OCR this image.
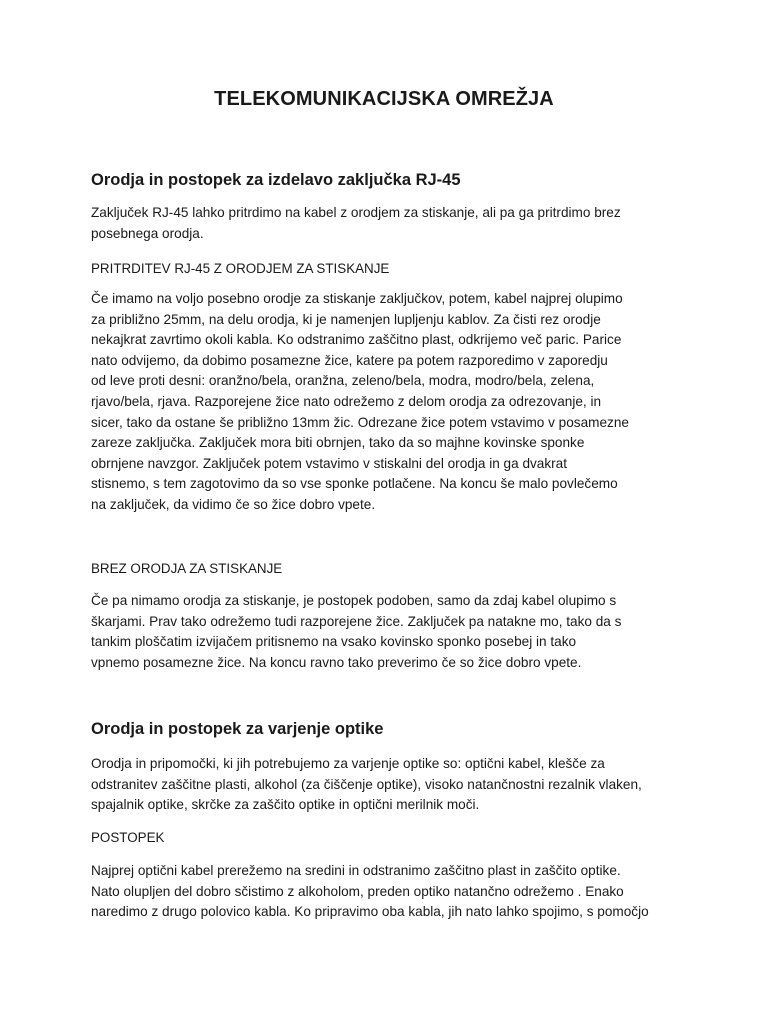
TELEKOMUNIKACIJSKA OMREŽJA
Orodja in postopek za izdelavo zaključka RJ-45

Zaključek RJ-45 lahko pritrdimo na kabel z orodjem za stiskanje, ali pa ga pritrdimo brez
posebnega orodja.

PRITRDITEV RJ-45 Z ORODJEM ZA STISKANJE

Če imamo na voljo posebno orodje za stiskanje zaključkov, potem, kabel najprej olupimo
za približno 25mm, na delu orodja, ki je namenjen lupljenju kablov. Za čisti rez orodje
nekajkrat zavrtimo okoli kabla. Ko odstranimo zaščitno plast, odkrijemo več paric. Parice
nato odvijemo, da dobimo posamezne žice, katere pa potem razporedimo v zaporedju
od leve proti desni: oranžno/bela, oranžna, zeleno/bela, modra, modro/bela, zelena,
rjavo/bela, rjava. Razporejene žice nato odrežemo z delom orodja za odrezovanje, in
sicer, tako da ostane še približno 13mm žic. Odrezane žice potem vstavimo v posamezne
zareze zaključka. Zaključek mora biti obrnjen, tako da so majhne kovinske sponke
obrnjene navzgor. Zaključek potem vstavimo v stiskalni del orodja in ga dvakrat
stisnemo, s tem zagotovimo da so vse sponke potlačene. Na koncu še malo povlečemo
na zaključek, da vidimo če so žice dobro vpete.

BREZ ORODJA ZA STISKANJE

Če pa nimamo orodja za stiskanje, je postopek podoben, samo da zdaj kabel olupimo s
škarjami. Prav tako odrežemo tudi razporejene žice. Zaključek pa natakne mo, tako da s
tankim ploščatim izvijačem pritisnemo na vsako kovinsko sponko posebej in tako
vpnemo posamezne žice. Na koncu ravno tako preverimo če so žice dobro vpete.

Orodja in postopek za varjenje optike

Orodja in pripomočki, ki jih potrebujemo za varjenje optike so: optični kabel, klešče za
odstranitev zaščitne plasti, alkohol (za čiščenje optike), visoko natančnostni rezalnik vlaken,
spajalnik optike, skrčke za zaščito optike in optični merilnik moči.

POSTOPEK

Najprej optični kabel prerežemo na sredini in odstranimo zaščitno plast in zaščito optike.
Nato olupljen del dobro sčistimo z alkoholom, preden optiko natančno odrežemo . Enako
naredimo z drugo polovico kabla. Ko pripravimo oba kabla, jih nato lahko spojimo, s pomočjo
